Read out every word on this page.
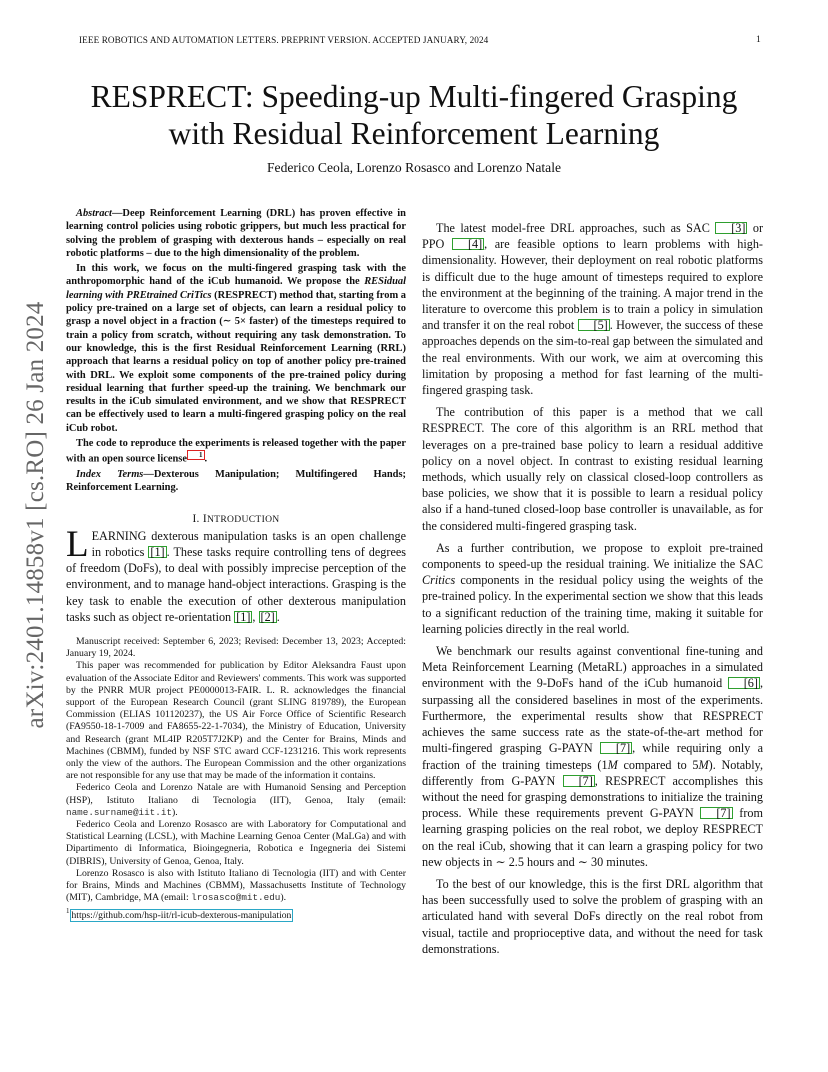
IEEE ROBOTICS AND AUTOMATION LETTERS. PREPRINT VERSION. ACCEPTED JANUARY, 2024	1
RESPRECT: Speeding-up Multi-fingered Grasping
with Residual Reinforcement Learning
Federico Ceola, Lorenzo Rosasco and Lorenzo Natale
arXiv:2401.14858v1 [cs.RO] 26 Jan 2024

Abstract—Deep Reinforcement Learning (DRL) has proven effective in learning control policies using robotic grippers, but much less practical for solving the problem of grasping with dexterous hands – especially on real robotic platforms – due to the high dimensionality of the problem.

In this work, we focus on the multi-fingered grasping task with the anthropomorphic hand of the iCub humanoid. We propose the RESidual learning with PREtrained CriTics (RESPRECT) method that, starting from a policy pre-trained on a large set of objects, can learn a residual policy to grasp a novel object in a fraction (∼ 5× faster) of the timesteps required to train a policy from scratch, without requiring any task demonstration. To our knowledge, this is the first Residual Reinforcement Learning (RRL) approach that learns a residual policy on top of another policy pre-trained with DRL. We exploit some components of the pre-trained policy during residual learning that further speed-up the training. We benchmark our results in the iCub simulated environment, and we show that RESPRECT can be effectively used to learn a multi-fingered grasping policy on the real iCub robot.

The code to reproduce the experiments is released together with the paper with an open source license 1 .

Index Terms—Dexterous Manipulation; Multifingered Hands; Reinforcement Learning.

I. INTRODUCTION

LEARNING dexterous manipulation tasks is an open challenge in robotics [1] . These tasks require controlling tens of degrees of freedom (DoFs), to deal with possibly imprecise perception of the environment, and to manage hand-object interactions. Grasping is the key task to enable the execution of other dexterous manipulation tasks such as object re-orientation [1] , [2] .

Manuscript received: September 6, 2023; Revised: December 13, 2023; Accepted: January 19, 2024.

This paper was recommended for publication by Editor Aleksandra Faust upon evaluation of the Associate Editor and Reviewers' comments. This work was supported by the PNRR MUR project PE0000013-FAIR. L. R. acknowledges the financial support of the European Research Council (grant SLING 819789), the European Commission (ELIAS 101120237), the US Air Force Office of Scientific Research (FA9550-18-1-7009 and FA8655-22-1-7034), the Ministry of Education, University and Research (grant ML4IP R205T7J2KP) and the Center for Brains, Minds and Machines (CBMM), funded by NSF STC award CCF-1231216. This work represents only the view of the authors. The European Commission and the other organizations are not responsible for any use that may be made of the information it contains.

Federico Ceola and Lorenzo Natale are with Humanoid Sensing and Perception (HSP), Istituto Italiano di Tecnologia (IIT), Genoa, Italy (email: name.surname@iit.it).

Federico Ceola and Lorenzo Rosasco are with Laboratory for Computational and Statistical Learning (LCSL), with Machine Learning Genoa Center (MaLGa) and with Dipartimento di Informatica, Bioingegneria, Robotica e Ingegneria dei Sistemi (DIBRIS), University of Genoa, Genoa, Italy.

Lorenzo Rosasco is also with Istituto Italiano di Tecnologia (IIT) and with Center for Brains, Minds and Machines (CBMM), Massachusetts Institute of Technology (MIT), Cambridge, MA (email: lrosasco@mit.edu).

$^1$ https://github.com/hsp-iit/rl-icub-dexterous-manipulation

The latest model-free DRL approaches, such as SAC [3] or PPO [4] , are feasible options to learn problems with high-dimensionality. However, their deployment on real robotic platforms is difficult due to the huge amount of timesteps required to explore the environment at the beginning of the training. A major trend in the literature to overcome this problem is to train a policy in simulation and transfer it on the real robot [5] . However, the success of these approaches depends on the sim-to-real gap between the simulated and the real environments. With our work, we aim at overcoming this limitation by proposing a method for fast learning of the multi-fingered grasping task.

The contribution of this paper is a method that we call RESPRECT. The core of this algorithm is an RRL method that leverages on a pre-trained base policy to learn a residual additive policy on a novel object. In contrast to existing residual learning methods, which usually rely on classical closed-loop controllers as base policies, we show that it is possible to learn a residual policy also if a hand-tuned closed-loop base controller is unavailable, as for the considered multi-fingered grasping task.

As a further contribution, we propose to exploit pre-trained components to speed-up the residual training. We initialize the SAC Critics components in the residual policy using the weights of the pre-trained policy. In the experimental section we show that this leads to a significant reduction of the training time, making it suitable for learning policies directly in the real world.

We benchmark our results against conventional fine-tuning and Meta Reinforcement Learning (MetaRL) approaches in a simulated environment with the 9-DoFs hand of the iCub humanoid [6] , surpassing all the considered baselines in most of the experiments. Furthermore, the experimental results show that RESPRECT achieves the same success rate as the state-of-the-art method for multi-fingered grasping G-PAYN [7] , while requiring only a fraction of the training timesteps (1M compared to 5M). Notably, differently from G-PAYN [7] , RESPRECT accomplishes this without the need for grasping demonstrations to initialize the training process. While these requirements prevent G-PAYN [7] from learning grasping policies on the real robot, we deploy RESPRECT on the real iCub, showing that it can learn a grasping policy for two new objects in ∼ 2.5 hours and ∼ 30 minutes.

To the best of our knowledge, this is the first DRL algorithm that has been successfully used to solve the problem of grasping with an articulated hand with several DoFs directly on the real robot from visual, tactile and proprioceptive data, and without the need for task demonstrations.
